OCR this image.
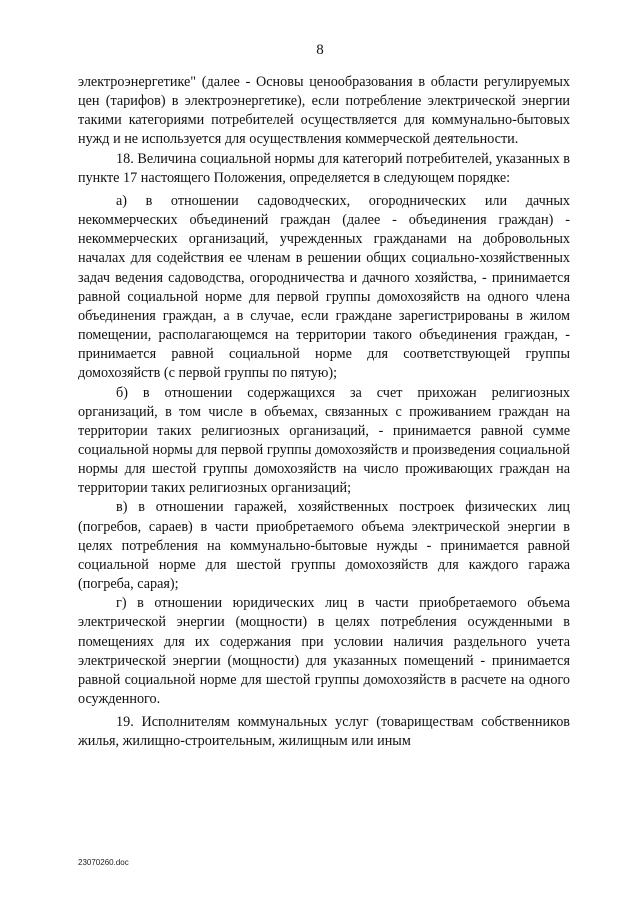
8

электроэнергетике" (далее - Основы ценообразования в области регулируемых цен (тарифов) в электроэнергетике), если потребление электрической энергии такими категориями потребителей осуществляется для коммунально-бытовых нужд и не используется для осуществления коммерческой деятельности.

18. Величина социальной нормы для категорий потребителей, указанных в пункте 17 настоящего Положения, определяется в следующем порядке:

а) в отношении садоводческих, огороднических или дачных некоммерческих объединений граждан (далее - объединения граждан) - некоммерческих организаций, учрежденных гражданами на добровольных началах для содействия ее членам в решении общих социально-хозяйственных задач ведения садоводства, огородничества и дачного хозяйства, - принимается равной социальной норме для первой группы домохозяйств на одного члена объединения граждан, а в случае, если граждане зарегистрированы в жилом помещении, располагающемся на территории такого объединения граждан, - принимается равной социальной норме для соответствующей группы домохозяйств (с первой группы по пятую);

б) в отношении содержащихся за счет прихожан религиозных организаций, в том числе в объемах, связанных с проживанием граждан на территории таких религиозных организаций, - принимается равной сумме социальной нормы для первой группы домохозяйств и произведения социальной нормы для шестой группы домохозяйств на число проживающих граждан на территории таких религиозных организаций;

в) в отношении гаражей, хозяйственных построек физических лиц (погребов, сараев) в части приобретаемого объема электрической энергии в целях потребления на коммунально-бытовые нужды - принимается равной социальной норме для шестой группы домохозяйств для каждого гаража (погреба, сарая);

г) в отношении юридических лиц в части приобретаемого объема электрической энергии (мощности) в целях потребления осужденными в помещениях для их содержания при условии наличия раздельного учета электрической энергии (мощности) для указанных помещений - принимается равной социальной норме для шестой группы домохозяйств в расчете на одного осужденного.

19. Исполнителям коммунальных услуг (товариществам собственников жилья, жилищно-строительным, жилищным или иным

23070260.doc
